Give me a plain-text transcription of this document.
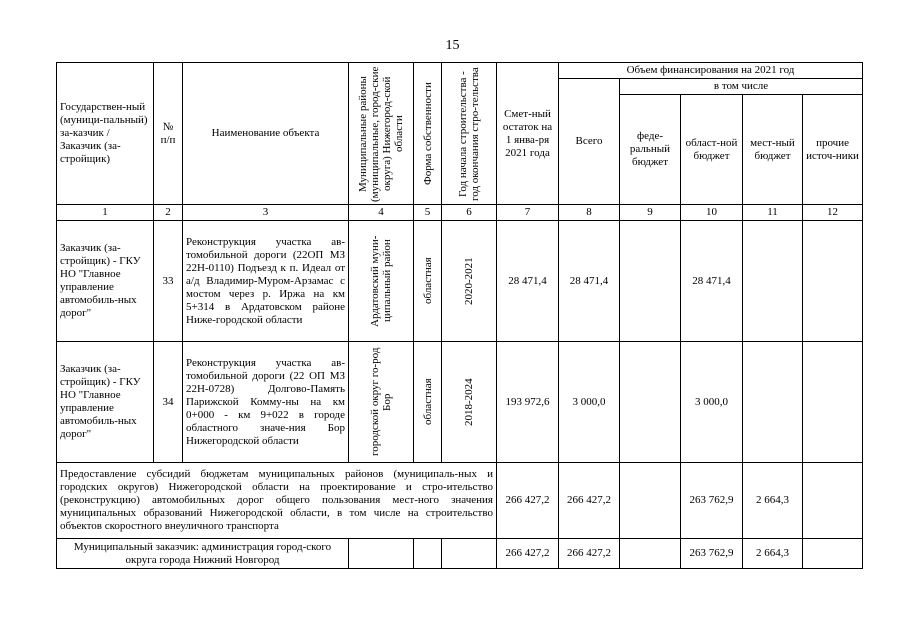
15
Государствен-ный (муници-пальный) за-казчик / Заказчик (за-стройщик)	№ п/п	Наименование объекта	Муниципальные районы (муниципальные, город-ские округа) Нижегород-ской области	Форма собственности	Год начала строительства - год окончания стро-тельства	Смет-ный остаток на 1 янва-ря 2021 года	Объем финансирования на 2021 год				
							Всего	в том числе			
								феде-ральный бюджет	област-ной бюджет	мест-ный бюджет	прочие источ-ники
1	2	3	4	5	6	7	8	9	10	11	12
Заказчик (за-стройщик) - ГКУ НО "Главное управление автомобиль-ных дорог"	33	Реконструкция участка ав-томобильной дороги (22ОП МЗ 22Н-0110) Подъезд к п. Идеал от а/д Владимир-Муром-Арзамас с мостом через р. Иржа на км 5+314 в Ардатовском районе Ниже-городской области	Ардатовский муни-ципальный район	областная	2020-2021	28 471,4	28 471,4		28 471,4		
Заказчик (за-стройщик) - ГКУ НО "Главное управление автомобиль-ных дорог"	34	Реконструкция участка ав-томобильной дороги (22 ОП МЗ 22Н-0728) Долгово-Память Парижской Комму-ны на км 0+000 - км 9+022 в городе областного значе-ния Бор Нижегородской области	городской округ го-род Бор	областная	2018-2024	193 972,6	3 000,0		3 000,0		
Предоставление субсидий бюджетам муниципальных районов (муниципаль-ных и городских округов) Нижегородской области на проектирование и стро-ительство (реконструкцию) автомобильных дорог общего пользования мест-ного значения муниципальных образований Нижегородской области, в том числе на строительство объектов скоростного внеуличного транспорта						266 427,2	266 427,2		263 762,9	2 664,3	
Муниципальный заказчик: администрация город-ского округа города Нижний Новгород						266 427,2	266 427,2		263 762,9	2 664,3	
